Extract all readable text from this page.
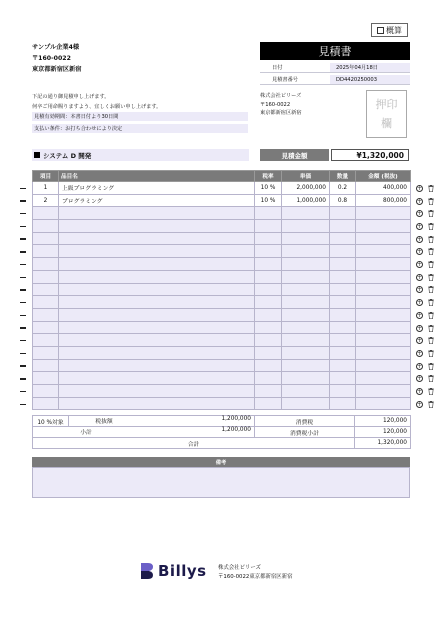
概算
サンプル企業4様
〒160-0022
東京都新宿区新宿
見積書
日付	2025年04月18日
見積書番号	DD4420250003
下記の通り御見積申し上げます。
何卒ご用命賜りますよう、宜しくお願い申し上げます。
見積有効期間：本書日付より30日間
支払い条件：お打ち合わせにより決定
株式会社ビリーズ
〒160-0022
東京都新宿区新宿
押印
欄
システム D 開発	見積金額	¥1,320,000
項目	品目名	税率	単価	数量	金額 (税抜)
1	上級プログラミング	10 %	2,000,000	0.2	400,000
2	プログラミング	10 %	1,000,000	0.8	800,000

+
+
+
+
+
+
+
+
+
+
+
+
+
+
+
+
+
+
10 %対象	税抜額 1,200,000	消費税	120,000

小計 1,200,000		消費税小計	120,000
合計			1,320,000
備考
Billys 株式会社ビリーズ
〒160-0022東京都新宿区新宿
